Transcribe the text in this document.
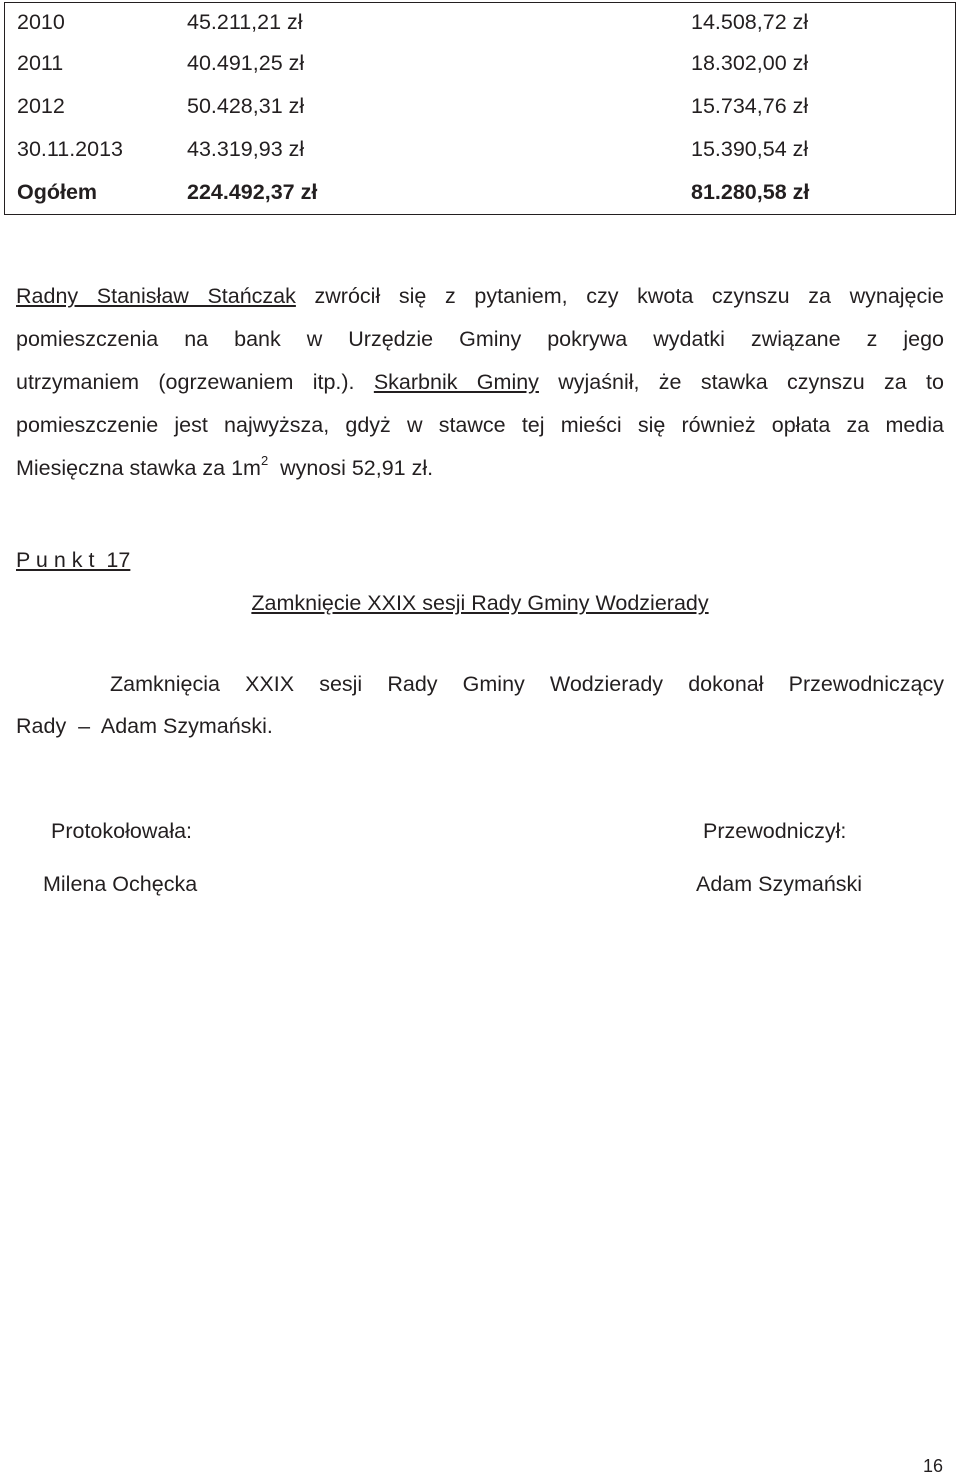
2010	45.211,21 zł	14.508,72 zł
2011	40.491,25 zł	18.302,00 zł
2012	50.428,31 zł	15.734,76 zł
30.11.2013	43.319,93 zł	15.390,54 zł
Ogółem	224.492,37 zł	81.280,58 zł
Radny Stanisław Stańczak zwrócił się z pytaniem, czy kwota czynszu za wynajęcie
pomieszczenia na bank w Urzędzie Gminy pokrywa wydatki związane z jego
utrzymaniem (ogrzewaniem itp.). Skarbnik Gminy wyjaśnił, że stawka czynszu za to
pomieszczenie jest najwyższa, gdyż w stawce tej mieści się również opłata za media
Miesięczna stawka za $1m^2$  wynosi 52,91 zł.
P u n k t  17
Zamknięcie XXIX sesji Rady Gminy Wodzierady
Zamknięcia XXIX sesji Rady Gminy Wodzierady dokonał Przewodniczący
Rady  –  Adam Szymański.
Protokołowała:
Milena Ochęcka
Przewodniczył:
Adam Szymański
16
